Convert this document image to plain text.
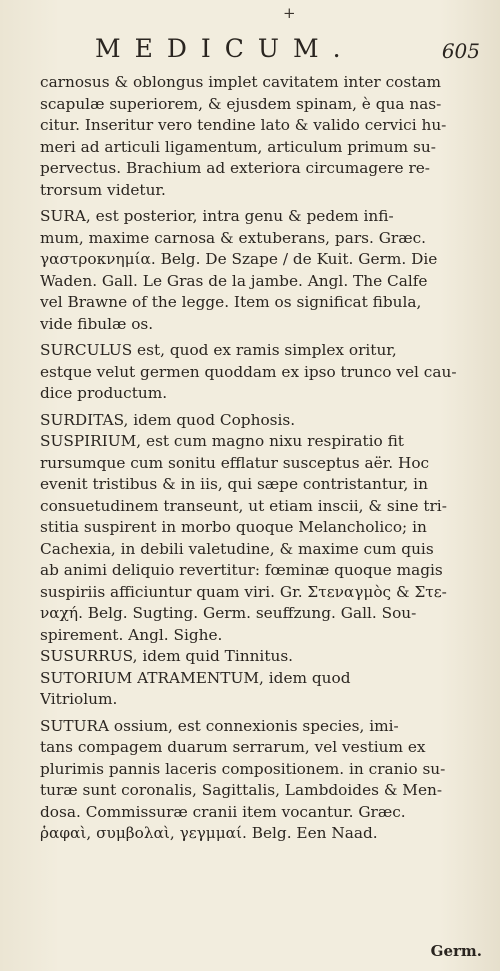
+
MEDICUM.	605
carnosus & oblongus implet cavitatem inter costam
scapulæ superiorem, & ejusdem spinam, è qua nas-
citur. Inseritur vero tendine lato & valido cervici hu-
meri ad articuli ligamentum, articulum primum su-
pervectus. Brachium ad exteriora circumagere re-
trorsum videtur.
SURA, est posterior, intra genu & pedem infi-
mum, maxime carnosa & extuberans, pars. Græc.
γαστροκνημία. Belg. De Szape / de Kuit. Germ. Die
Waden. Gall. Le Gras de la jambe. Angl. The Calfe
vel Brawne of the legge. Item os significat fibula,
vide fibulæ os.
SURCULUS est, quod ex ramis simplex oritur,
estque velut germen quoddam ex ipso trunco vel cau-
dice productum.
SURDITAS, idem quod Cophosis.
SUSPIRIUM, est cum magno nixu respiratio fit
rursumque cum sonitu efflatur susceptus aër. Hoc
evenit tristibus & in iis, qui sæpe contristantur, in
consuetudinem transeunt, ut etiam inscii, & sine tri-
stitia suspirent in morbo quoque Melancholico; in
Cachexia, in debili valetudine, & maxime cum quis
ab animi deliquio revertitur: fœminæ quoque magis
suspiriis afficiuntur quam viri. Gr. Στεναγμὸς & Στε-
ναχή. Belg. Sugting. Germ. seuffzung. Gall. Sou-
spirement. Angl. Sighe.
SUSURRUS, idem quid Tinnitus.
SUTORIUM ATRAMENTUM, idem quod
Vitriolum.
SUTURA ossium, est connexionis species, imi-
tans compagem duarum serrarum, vel vestium ex
plurimis pannis laceris compositionem. in cranio su-
turæ sunt coronalis, Sagittalis, Lambdoides & Men-
dosa. Commissuræ cranii item vocantur. Græc.
ῥαφαὶ, συμβολαὶ, γεγμμαί. Belg. Een Naad.
Germ.
